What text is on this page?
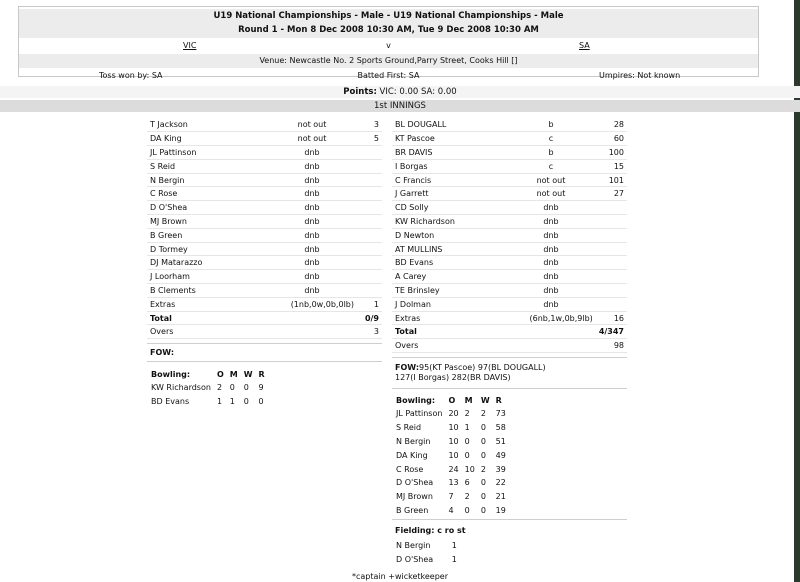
U19 National Championships - Male - U19 National Championships - Male
Round 1 - Mon 8 Dec 2008 10:30 AM, Tue 9 Dec 2008 10:30 AM
VIC	v	SA
Venue: Newcastle No. 2 Sports Ground,Parry Street, Cooks Hill []
Toss won by: SA	Batted First: SA	Umpires: Not known
Points: VIC: 0.00 SA: 0.00
1st INNINGS
T Jackson	not out	3
DA King	not out	5
JL Pattinson	dnb	
S Reid	dnb	
N Bergin	dnb	
C Rose	dnb	
D O'Shea	dnb	
MJ Brown	dnb	
B Green	dnb	
D Tormey	dnb	
DJ Matarazzo	dnb	
J Loorham	dnb	
B Clements	dnb	
Extras	(1nb,0w,0b,0lb)	1
Total		0/9
Overs		3
FOW:
Bowling:	O	M	W	R
KW Richardson	2	0	0	9
BD Evans	1	1	0	0
BL DOUGALL	b	28
KT Pascoe	c	60
BR DAVIS	b	100
I Borgas	c	15
C Francis	not out	101
J Garrett	not out	27
CD Solly	dnb	
KW Richardson	dnb	
D Newton	dnb	
AT MULLINS	dnb	
BD Evans	dnb	
A Carey	dnb	
TE Brinsley	dnb	
J Dolman	dnb	
Extras	(6nb,1w,0b,9lb)	16
Total		4/347
Overs		98
FOW:95(KT Pascoe) 97(BL DOUGALL)
127(I Borgas) 282(BR DAVIS)
Bowling:	O	M	W	R
JL Pattinson	20	2	2	73
S Reid	10	1	0	58
N Bergin	10	0	0	51
DA King	10	0	0	49
C Rose	24	10	2	39
D O'Shea	13	6	0	22
MJ Brown	7	2	0	21
B Green	4	0	0	19
Fielding: c ro st
N Bergin	1
D O'Shea	1
*captain +wicketkeeper
